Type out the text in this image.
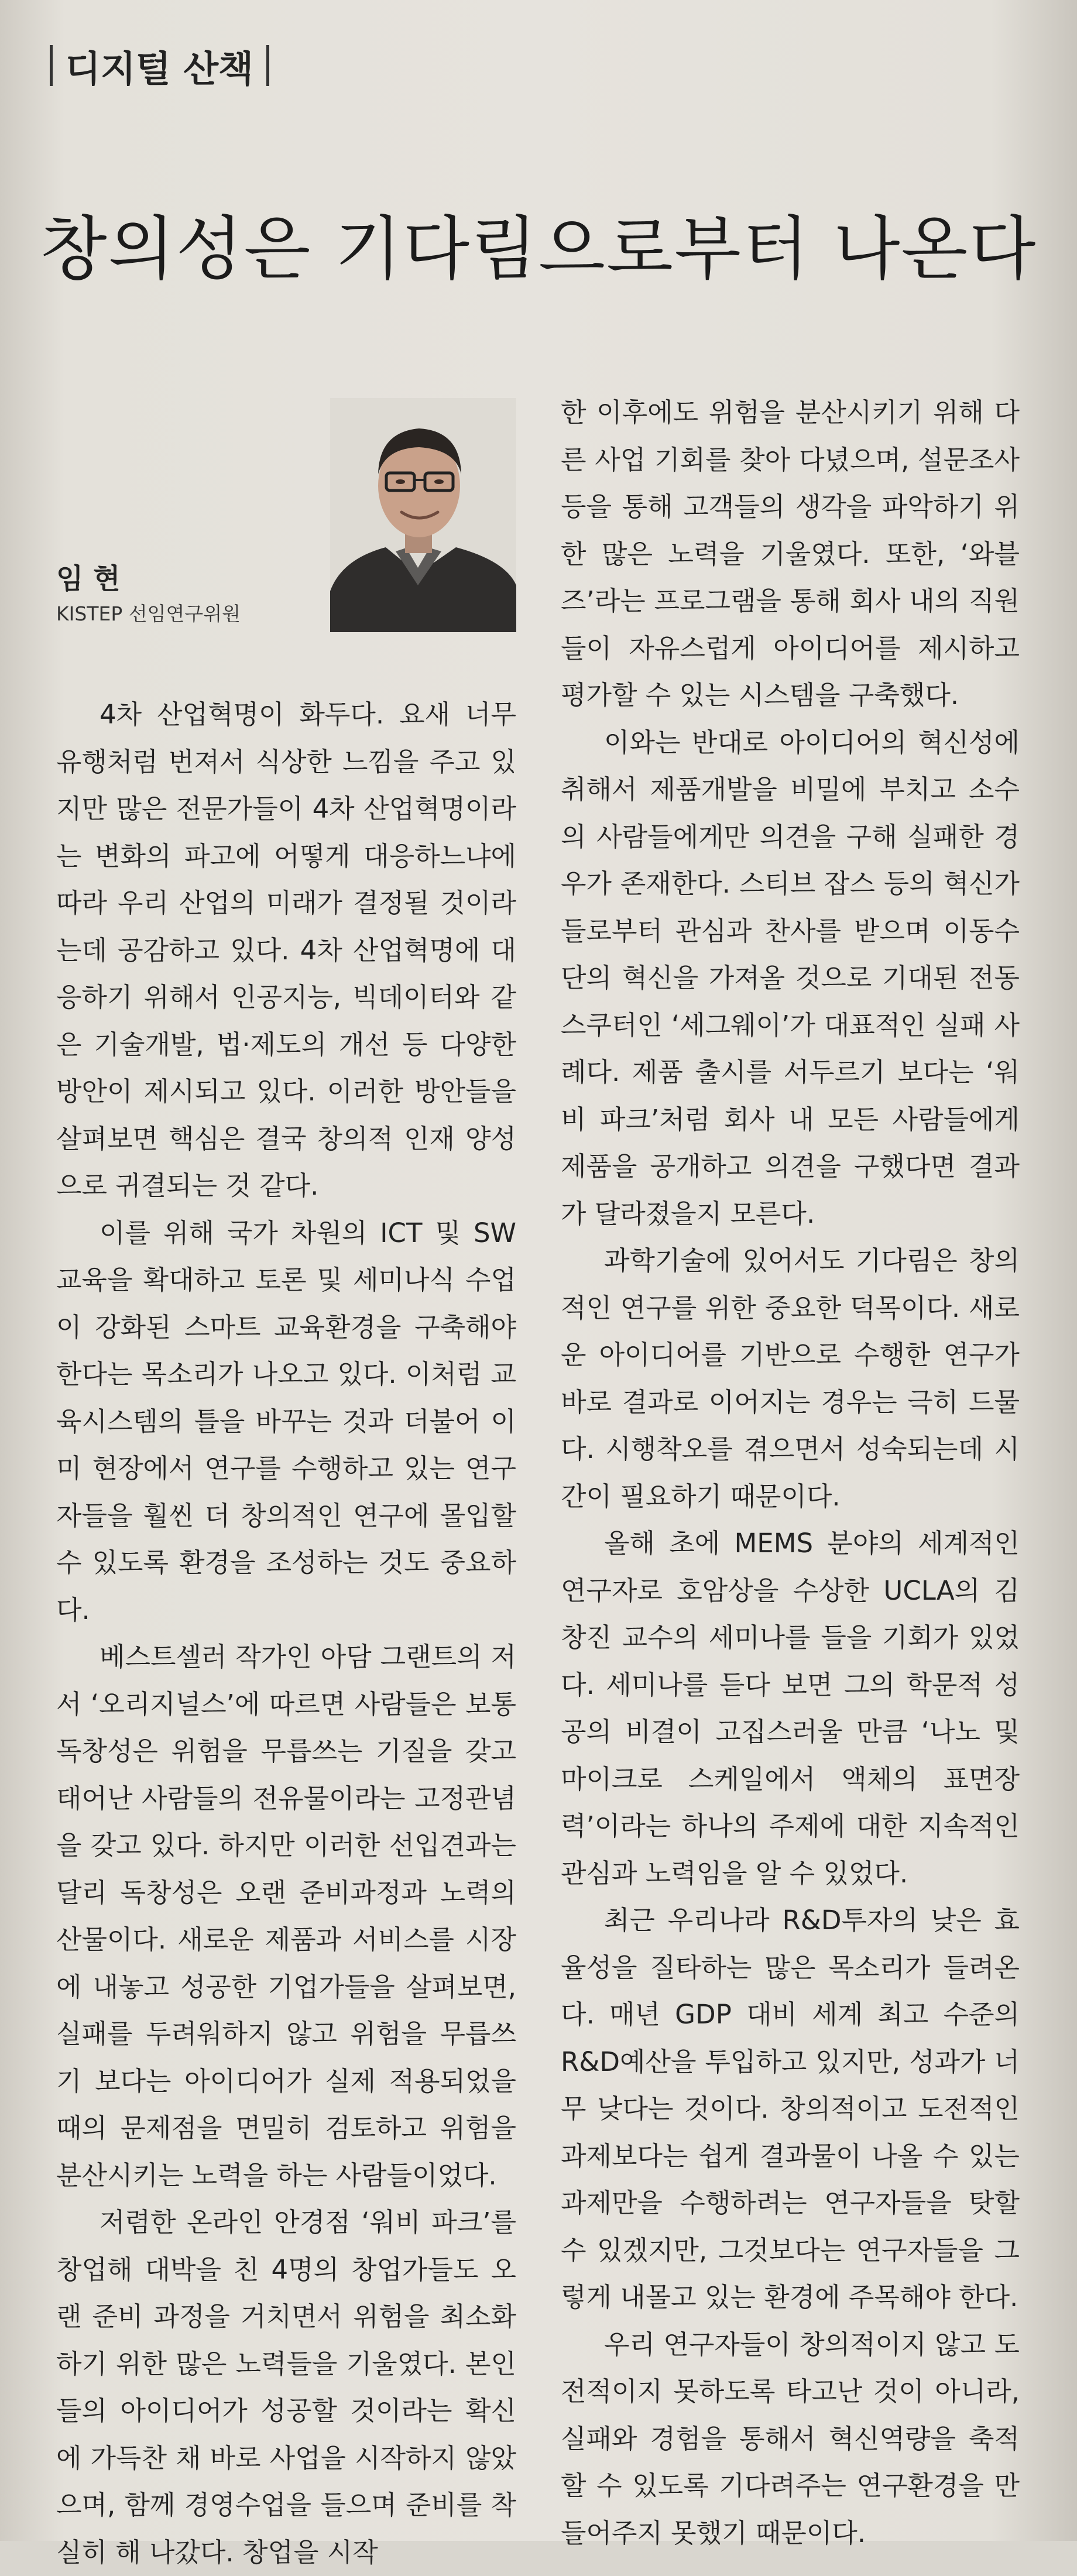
디지털 산책
창의성은 기다림으로부터 나온다
임 현
KISTEP 선임연구위원

4차 산업혁명이 화두다. 요새 너무 유행처럼 번져서 식상한 느낌을 주고 있지만 많은 전문가들이 4차 산업혁명이라는 변화의 파고에 어떻게 대응하느냐에 따라 우리 산업의 미래가 결정될 것이라는데 공감하고 있다. 4차 산업혁명에 대응하기 위해서 인공지능, 빅데이터와 같은 기술개발, 법·제도의 개선 등 다양한 방안이 제시되고 있다. 이러한 방안들을 살펴보면 핵심은 결국 창의적 인재 양성으로 귀결되는 것 같다.

이를 위해 국가 차원의 ICT 및 SW 교육을 확대하고 토론 및 세미나식 수업이 강화된 스마트 교육환경을 구축해야 한다는 목소리가 나오고 있다. 이처럼 교육시스템의 틀을 바꾸는 것과 더불어 이미 현장에서 연구를 수행하고 있는 연구자들을 훨씬 더 창의적인 연구에 몰입할 수 있도록 환경을 조성하는 것도 중요하다.

베스트셀러 작가인 아담 그랜트의 저서 ‘오리지널스’에 따르면 사람들은 보통 독창성은 위험을 무릅쓰는 기질을 갖고 태어난 사람들의 전유물이라는 고정관념을 갖고 있다. 하지만 이러한 선입견과는 달리 독창성은 오랜 준비과정과 노력의 산물이다. 새로운 제품과 서비스를 시장에 내놓고 성공한 기업가들을 살펴보면, 실패를 두려워하지 않고 위험을 무릅쓰기 보다는 아이디어가 실제 적용되었을 때의 문제점을 면밀히 검토하고 위험을 분산시키는 노력을 하는 사람들이었다.

저렴한 온라인 안경점 ‘워비 파크’를 창업해 대박을 친 4명의 창업가들도 오랜 준비 과정을 거치면서 위험을 최소화하기 위한 많은 노력들을 기울였다. 본인들의 아이디어가 성공할 것이라는 확신에 가득찬 채 바로 사업을 시작하지 않았으며, 함께 경영수업을 들으며 준비를 착실히 해 나갔다. 창업을 시작

한 이후에도 위험을 분산시키기 위해 다른 사업 기회를 찾아 다녔으며, 설문조사 등을 통해 고객들의 생각을 파악하기 위한 많은 노력을 기울였다. 또한, ‘와블즈’라는 프로그램을 통해 회사 내의 직원들이 자유스럽게 아이디어를 제시하고 평가할 수 있는 시스템을 구축했다.

이와는 반대로 아이디어의 혁신성에 취해서 제품개발을 비밀에 부치고 소수의 사람들에게만 의견을 구해 실패한 경우가 존재한다. 스티브 잡스 등의 혁신가들로부터 관심과 찬사를 받으며 이동수단의 혁신을 가져올 것으로 기대된 전동스쿠터인 ‘세그웨이’가 대표적인 실패 사례다. 제품 출시를 서두르기 보다는 ‘워비 파크’처럼 회사 내 모든 사람들에게 제품을 공개하고 의견을 구했다면 결과가 달라졌을지 모른다.

과학기술에 있어서도 기다림은 창의적인 연구를 위한 중요한 덕목이다. 새로운 아이디어를 기반으로 수행한 연구가 바로 결과로 이어지는 경우는 극히 드물다. 시행착오를 겪으면서 성숙되는데 시간이 필요하기 때문이다.

올해 초에 MEMS 분야의 세계적인 연구자로 호암상을 수상한 UCLA의 김창진 교수의 세미나를 들을 기회가 있었다. 세미나를 듣다 보면 그의 학문적 성공의 비결이 고집스러울 만큼 ‘나노 및 마이크로 스케일에서 액체의 표면장력’이라는 하나의 주제에 대한 지속적인 관심과 노력임을 알 수 있었다.

최근 우리나라 R&D투자의 낮은 효율성을 질타하는 많은 목소리가 들려온다. 매년 GDP 대비 세계 최고 수준의 R&D예산을 투입하고 있지만, 성과가 너무 낮다는 것이다. 창의적이고 도전적인 과제보다는 쉽게 결과물이 나올 수 있는 과제만을 수행하려는 연구자들을 탓할 수 있겠지만, 그것보다는 연구자들을 그렇게 내몰고 있는 환경에 주목해야 한다.

우리 연구자들이 창의적이지 않고 도전적이지 못하도록 타고난 것이 아니라, 실패와 경험을 통해서 혁신역량을 축적할 수 있도록 기다려주는 연구환경을 만들어주지 못했기 때문이다.
